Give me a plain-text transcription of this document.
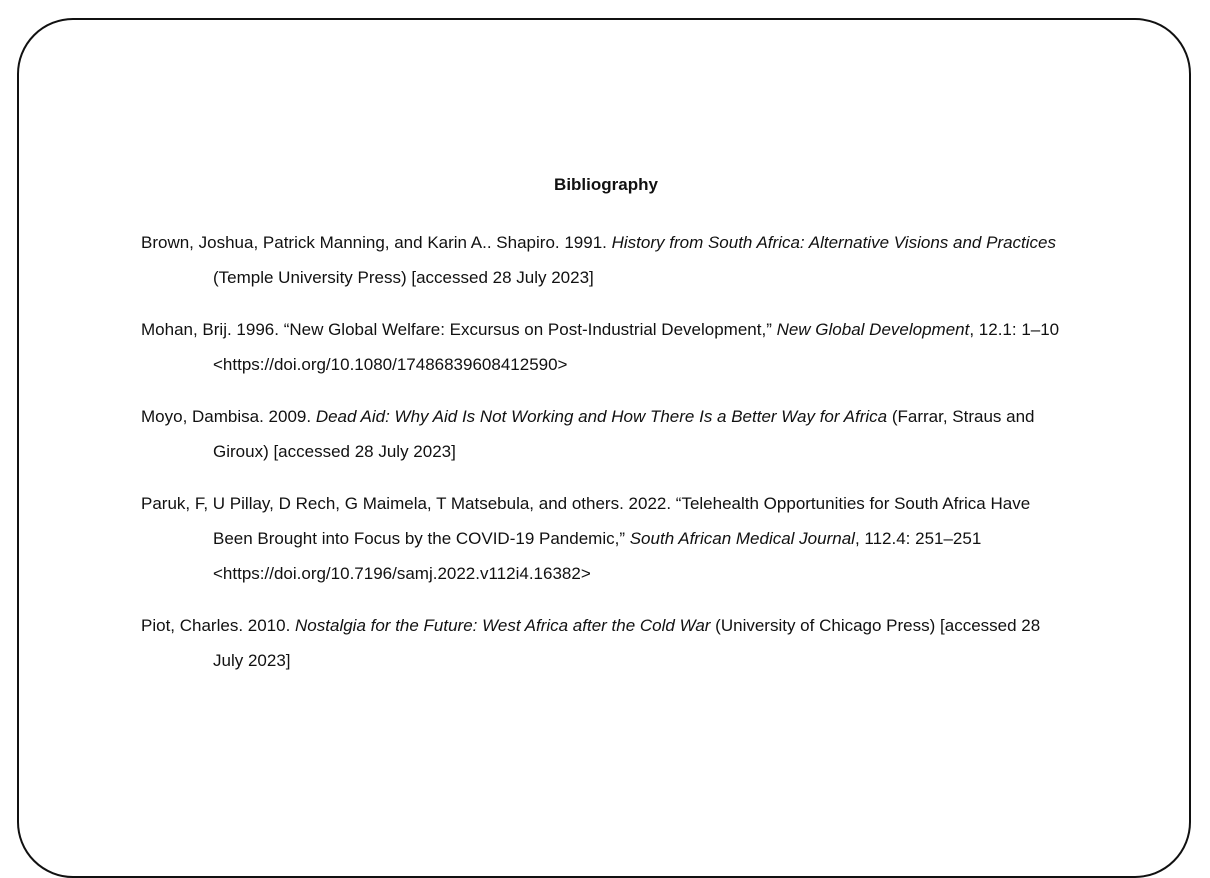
Bibliography
Brown, Joshua, Patrick Manning, and Karin A.. Shapiro. 1991. History from South Africa: Alternative Visions and Practices (Temple University Press) [accessed 28 July 2023]
Mohan, Brij. 1996. “New Global Welfare: Excursus on Post-Industrial Development,” New Global Development, 12.1: 1–10 <https://doi.org/10.1080/17486839608412590>
Moyo, Dambisa. 2009. Dead Aid: Why Aid Is Not Working and How There Is a Better Way for Africa (Farrar, Straus and Giroux) [accessed 28 July 2023]
Paruk, F, U Pillay, D Rech, G Maimela, T Matsebula, and others. 2022. “Telehealth Opportunities for South Africa Have Been Brought into Focus by the COVID-19 Pandemic,” South African Medical Journal, 112.4: 251–251 <https://doi.org/10.7196/samj.2022.v112i4.16382>
Piot, Charles. 2010. Nostalgia for the Future: West Africa after the Cold War (University of Chicago Press) [accessed 28 July 2023]
